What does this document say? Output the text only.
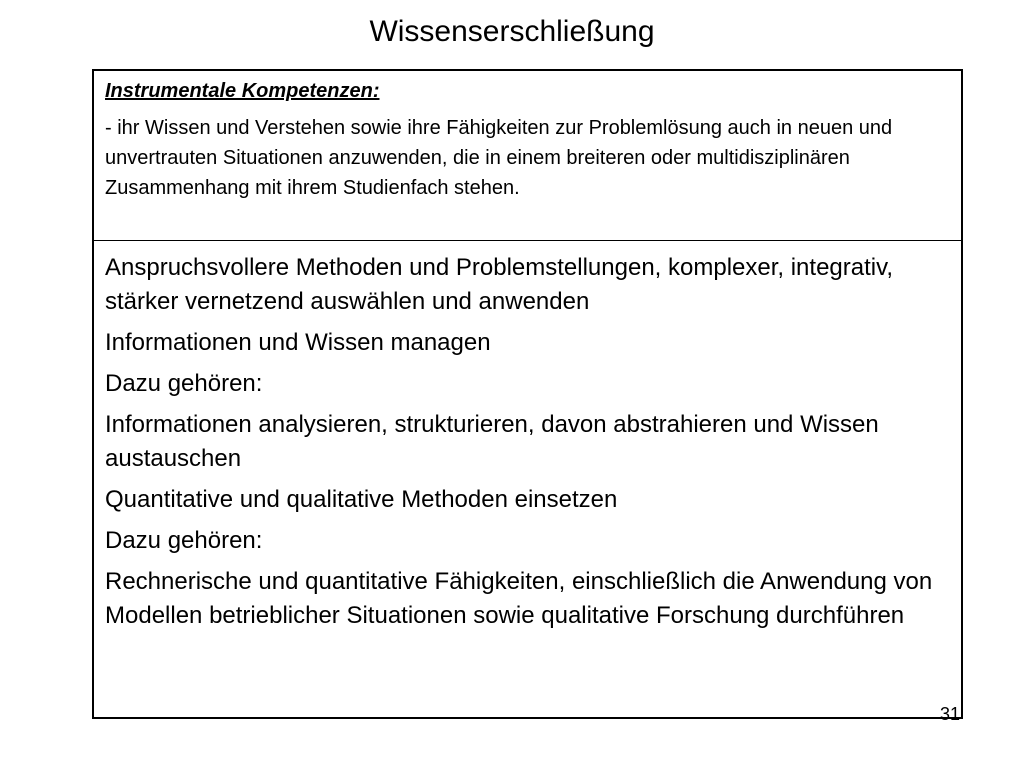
Wissenserschließung

Instrumentale Kompetenzen:

- ihr Wissen und Verstehen sowie ihre Fähigkeiten zur Problemlösung auch in neuen und unvertrauten Situationen anzuwenden, die in einem breiteren oder multidisziplinären Zusammenhang mit ihrem Studienfach stehen.

Anspruchsvollere Methoden und Problemstellungen, komplexer, integrativ, stärker vernetzend auswählen und anwenden

Informationen und Wissen managen

Dazu gehören:

Informationen analysieren, strukturieren, davon abstrahieren und Wissen austauschen

Quantitative und qualitative Methoden einsetzen

Dazu gehören:

Rechnerische und quantitative Fähigkeiten, einschließlich die Anwendung von Modellen betrieblicher Situationen sowie qualitative Forschung durchführen

31
